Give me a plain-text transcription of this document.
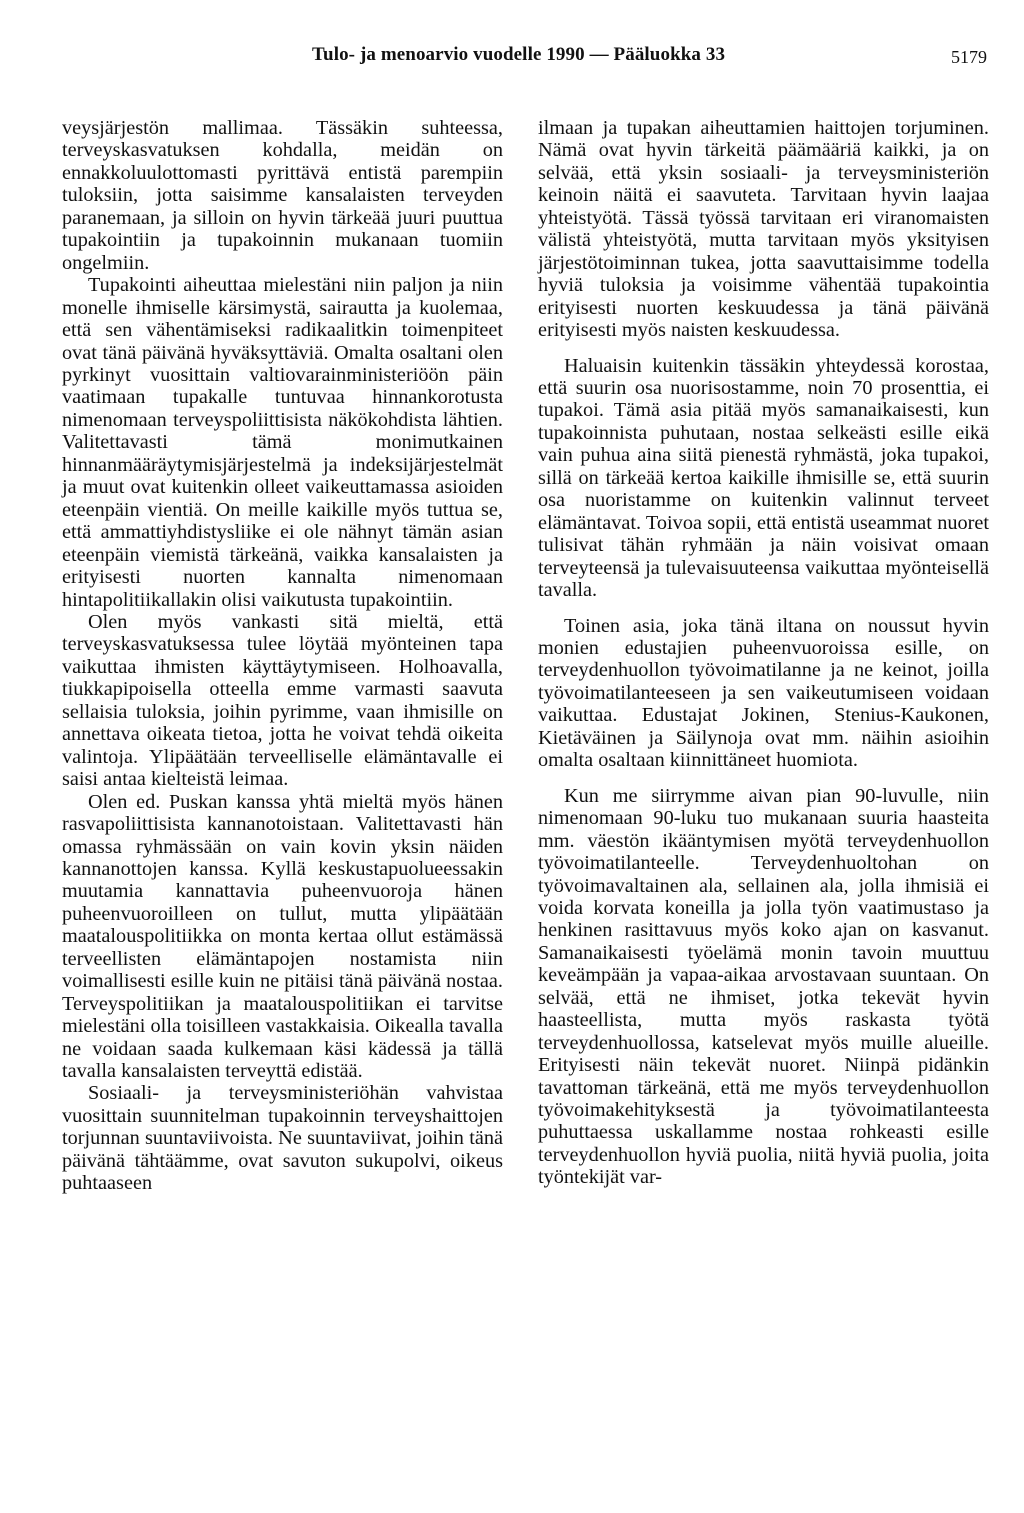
Tulo- ja menoarvio vuodelle 1990 — Pääluokka 33	5179

veysjärjestön mallimaa. Tässäkin suhteessa, terveyskasvatuksen kohdalla, meidän on ennakkoluulottomasti pyrittävä entistä parempiin tuloksiin, jotta saisimme kansalaisten terveyden paranemaan, ja silloin on hyvin tärkeää juuri puuttua tupakointiin ja tupakoinnin mukanaan tuomiin ongelmiin.

Tupakointi aiheuttaa mielestäni niin paljon ja niin monelle ihmiselle kärsimystä, sairautta ja kuolemaa, että sen vähentämiseksi radikaalitkin toimenpiteet ovat tänä päivänä hyväksyttäviä. Omalta osaltani olen pyrkinyt vuosittain valtiovarainministeriöön päin vaatimaan tupakalle tuntuvaa hinnankorotusta nimenomaan terveyspoliittisista näkökohdista lähtien. Valitettavasti tämä monimutkainen hinnanmääräytymisjärjestelmä ja indeksijärjestelmät ja muut ovat kuitenkin olleet vaikeuttamassa asioiden eteenpäin vientiä. On meille kaikille myös tuttua se, että ammattiyhdistysliike ei ole nähnyt tämän asian eteenpäin viemistä tärkeänä, vaikka kansalaisten ja erityisesti nuorten kannalta nimenomaan hintapolitiikallakin olisi vaikutusta tupakointiin.

Olen myös vankasti sitä mieltä, että terveyskasvatuksessa tulee löytää myönteinen tapa vaikuttaa ihmisten käyttäytymiseen. Holhoavalla, tiukkapipoisella otteella emme varmasti saavuta sellaisia tuloksia, joihin pyrimme, vaan ihmisille on annettava oikeata tietoa, jotta he voivat tehdä oikeita valintoja. Ylipäätään terveelliselle elämäntavalle ei saisi antaa kielteistä leimaa.

Olen ed. Puskan kanssa yhtä mieltä myös hänen rasvapoliittisista kannanotoistaan. Valitettavasti hän omassa ryhmässään on vain kovin yksin näiden kannanottojen kanssa. Kyllä keskustapuolueessakin muutamia kannattavia puheenvuoroja hänen puheenvuoroilleen on tullut, mutta ylipäätään maatalouspolitiikka on monta kertaa ollut estämässä terveellisten elämäntapojen nostamista niin voimallisesti esille kuin ne pitäisi tänä päivänä nostaa. Terveyspolitiikan ja maatalouspolitiikan ei tarvitse mielestäni olla toisilleen vastakkaisia. Oikealla tavalla ne voidaan saada kulkemaan käsi kädessä ja tällä tavalla kansalaisten terveyttä edistää.

Sosiaali- ja terveysministeriöhän vahvistaa vuosittain suunnitelman tupakoinnin terveyshaittojen torjunnan suuntaviivoista. Ne suuntaviivat, joihin tänä päivänä tähtäämme, ovat savuton sukupolvi, oikeus puhtaaseen

ilmaan ja tupakan aiheuttamien haittojen torjuminen. Nämä ovat hyvin tärkeitä päämääriä kaikki, ja on selvää, että yksin sosiaali- ja terveysministeriön keinoin näitä ei saavuteta. Tarvitaan hyvin laajaa yhteistyötä. Tässä työssä tarvitaan eri viranomaisten välistä yhteistyötä, mutta tarvitaan myös yksityisen järjestötoiminnan tukea, jotta saavuttaisimme todella hyviä tuloksia ja voisimme vähentää tupakointia erityisesti nuorten keskuudessa ja tänä päivänä erityisesti myös naisten keskuudessa.

Haluaisin kuitenkin tässäkin yhteydessä korostaa, että suurin osa nuorisostamme, noin 70 prosenttia, ei tupakoi. Tämä asia pitää myös samanaikaisesti, kun tupakoinnista puhutaan, nostaa selkeästi esille eikä vain puhua aina siitä pienestä ryhmästä, joka tupakoi, sillä on tärkeää kertoa kaikille ihmisille se, että suurin osa nuoristamme on kuitenkin valinnut terveet elämäntavat. Toivoa sopii, että entistä useammat nuoret tulisivat tähän ryhmään ja näin voisivat omaan terveyteensä ja tulevaisuuteensa vaikuttaa myönteisellä tavalla.

Toinen asia, joka tänä iltana on noussut hyvin monien edustajien puheenvuoroissa esille, on terveydenhuollon työvoimatilanne ja ne keinot, joilla työvoimatilanteeseen ja sen vaikeutumiseen voidaan vaikuttaa. Edustajat Jokinen, Stenius-Kaukonen, Kietäväinen ja Säilynoja ovat mm. näihin asioihin omalta osaltaan kiinnittäneet huomiota.

Kun me siirrymme aivan pian 90-luvulle, niin nimenomaan 90-luku tuo mukanaan suuria haasteita mm. väestön ikääntymisen myötä terveydenhuollon työvoimatilanteelle. Terveydenhuoltohan on työvoimavaltainen ala, sellainen ala, jolla ihmisiä ei voida korvata koneilla ja jolla työn vaatimustaso ja henkinen rasittavuus myös koko ajan on kasvanut. Samanaikaisesti työelämä monin tavoin muuttuu keveämpään ja vapaa-aikaa arvostavaan suuntaan. On selvää, että ne ihmiset, jotka tekevät hyvin haasteellista, mutta myös raskasta työtä terveydenhuollossa, katselevat myös muille alueille. Erityisesti näin tekevät nuoret. Niinpä pidänkin tavattoman tärkeänä, että me myös terveydenhuollon työvoimakehityksestä ja työvoimatilanteesta puhuttaessa uskallamme nostaa rohkeasti esille terveydenhuollon hyviä puolia, niitä hyviä puolia, joita työntekijät var-
